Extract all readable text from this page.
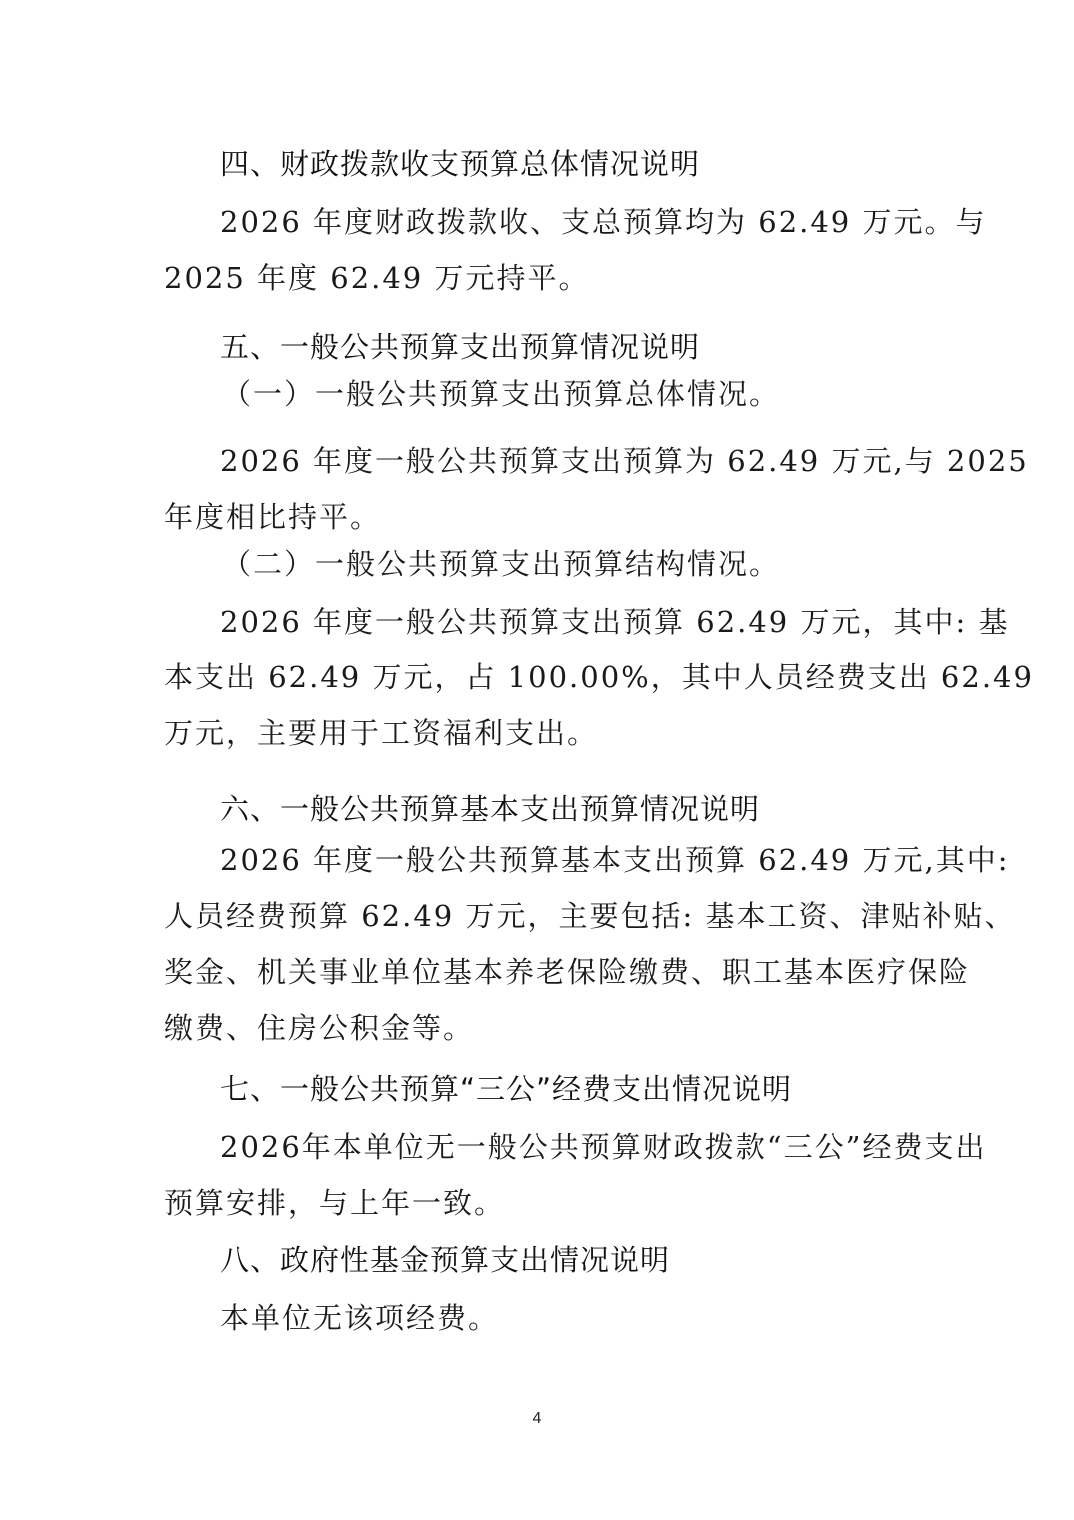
四、财政拨款收支预算总体情况说明
2026 年度财政拨款收、支总预算均为 62.49 万元。与
2025 年度 62.49 万元持平。
五、一般公共预算支出预算情况说明
（一）一般公共预算支出预算总体情况。
2026 年度一般公共预算支出预算为 62.49 万元,与 2025
年度相比持平。
（二）一般公共预算支出预算结构情况。
2026 年度一般公共预算支出预算 62.49 万元，其中: 基
本支出 62.49 万元，占 100.00%，其中人员经费支出 62.49
万元，主要用于工资福利支出。
六、一般公共预算基本支出预算情况说明
2026 年度一般公共预算基本支出预算 62.49 万元,其中:
人员经费预算 62.49 万元，主要包括: 基本工资、津贴补贴、
奖金、机关事业单位基本养老保险缴费、职工基本医疗保险
缴费、住房公积金等。
七、一般公共预算“三公”经费支出情况说明
2026年本单位无一般公共预算财政拨款“三公”经费支出
预算安排，与上年一致。
八、政府性基金预算支出情况说明
本单位无该项经费。
4
